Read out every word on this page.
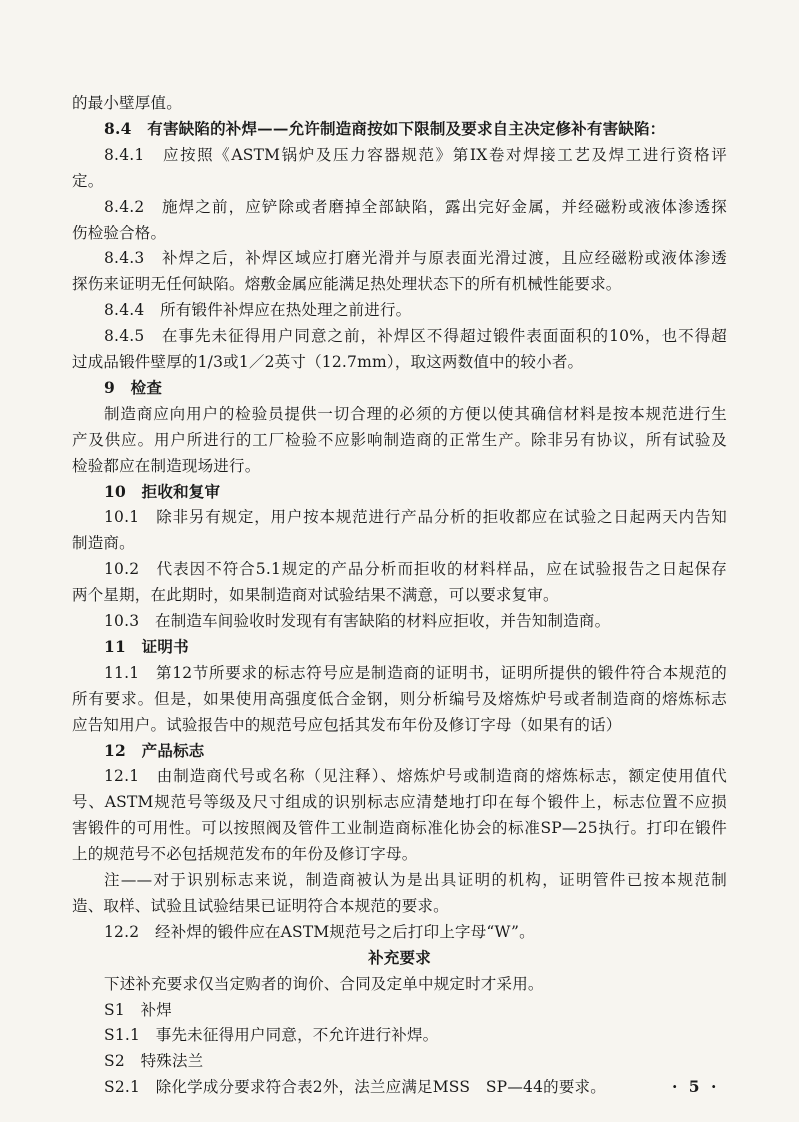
的最小壁厚值。
8.4　有害缺陷的补焊——允许制造商按如下限制及要求自主决定修补有害缺陷：
8.4.1　应按照《ASTM锅炉及压力容器规范》第IX卷对焊接工艺及焊工进行资格评
定。
8.4.2　施焊之前，应铲除或者磨掉全部缺陷，露出完好金属，并经磁粉或液体渗透探
伤检验合格。
8.4.3　补焊之后，补焊区域应打磨光滑并与原表面光滑过渡，且应经磁粉或液体渗透
探伤来证明无任何缺陷。熔敷金属应能满足热处理状态下的所有机械性能要求。
8.4.4　所有锻件补焊应在热处理之前进行。
8.4.5　在事先未征得用户同意之前，补焊区不得超过锻件表面面积的10%，也不得超
过成品锻件壁厚的1/3或1／2英寸（12.7mm），取这两数值中的较小者。
9　检查
制造商应向用户的检验员提供一切合理的必须的方便以使其确信材料是按本规范进行生
产及供应。用户所进行的工厂检验不应影响制造商的正常生产。除非另有协议，所有试验及
检验都应在制造现场进行。
10　拒收和复审
10.1　除非另有规定，用户按本规范进行产品分析的拒收都应在试验之日起两天内告知
制造商。
10.2　代表因不符合5.1规定的产品分析而拒收的材料样品，应在试验报告之日起保存
两个星期，在此期时，如果制造商对试验结果不满意，可以要求复审。
10.3　在制造车间验收时发现有有害缺陷的材料应拒收，并告知制造商。
11　证明书
11.1　第12节所要求的标志符号应是制造商的证明书，证明所提供的锻件符合本规范的
所有要求。但是，如果使用高强度低合金钢，则分析编号及熔炼炉号或者制造商的熔炼标志
应告知用户。试验报告中的规范号应包括其发布年份及修订字母（如果有的话）
12　产品标志
12.1　由制造商代号或名称（见注释）、熔炼炉号或制造商的熔炼标志，额定使用值代
号、ASTM规范号等级及尺寸组成的识别标志应清楚地打印在每个锻件上，标志位置不应损
害锻件的可用性。可以按照阀及管件工业制造商标准化协会的标准SP—25执行。打印在锻件
上的规范号不必包括规范发布的年份及修订字母。
注——对于识别标志来说，制造商被认为是出具证明的机构，证明管件已按本规范制
造、取样、试验且试验结果已证明符合本规范的要求。
12.2　经补焊的锻件应在ASTM规范号之后打印上字母“W”。
补充要求
下述补充要求仅当定购者的询价、合同及定单中规定时才采用。
S1　补焊
S1.1　事先未征得用户同意，不允许进行补焊。
S2　特殊法兰
S2.1　除化学成分要求符合表2外，法兰应满足MSS　SP—44的要求。	· 5 ·
